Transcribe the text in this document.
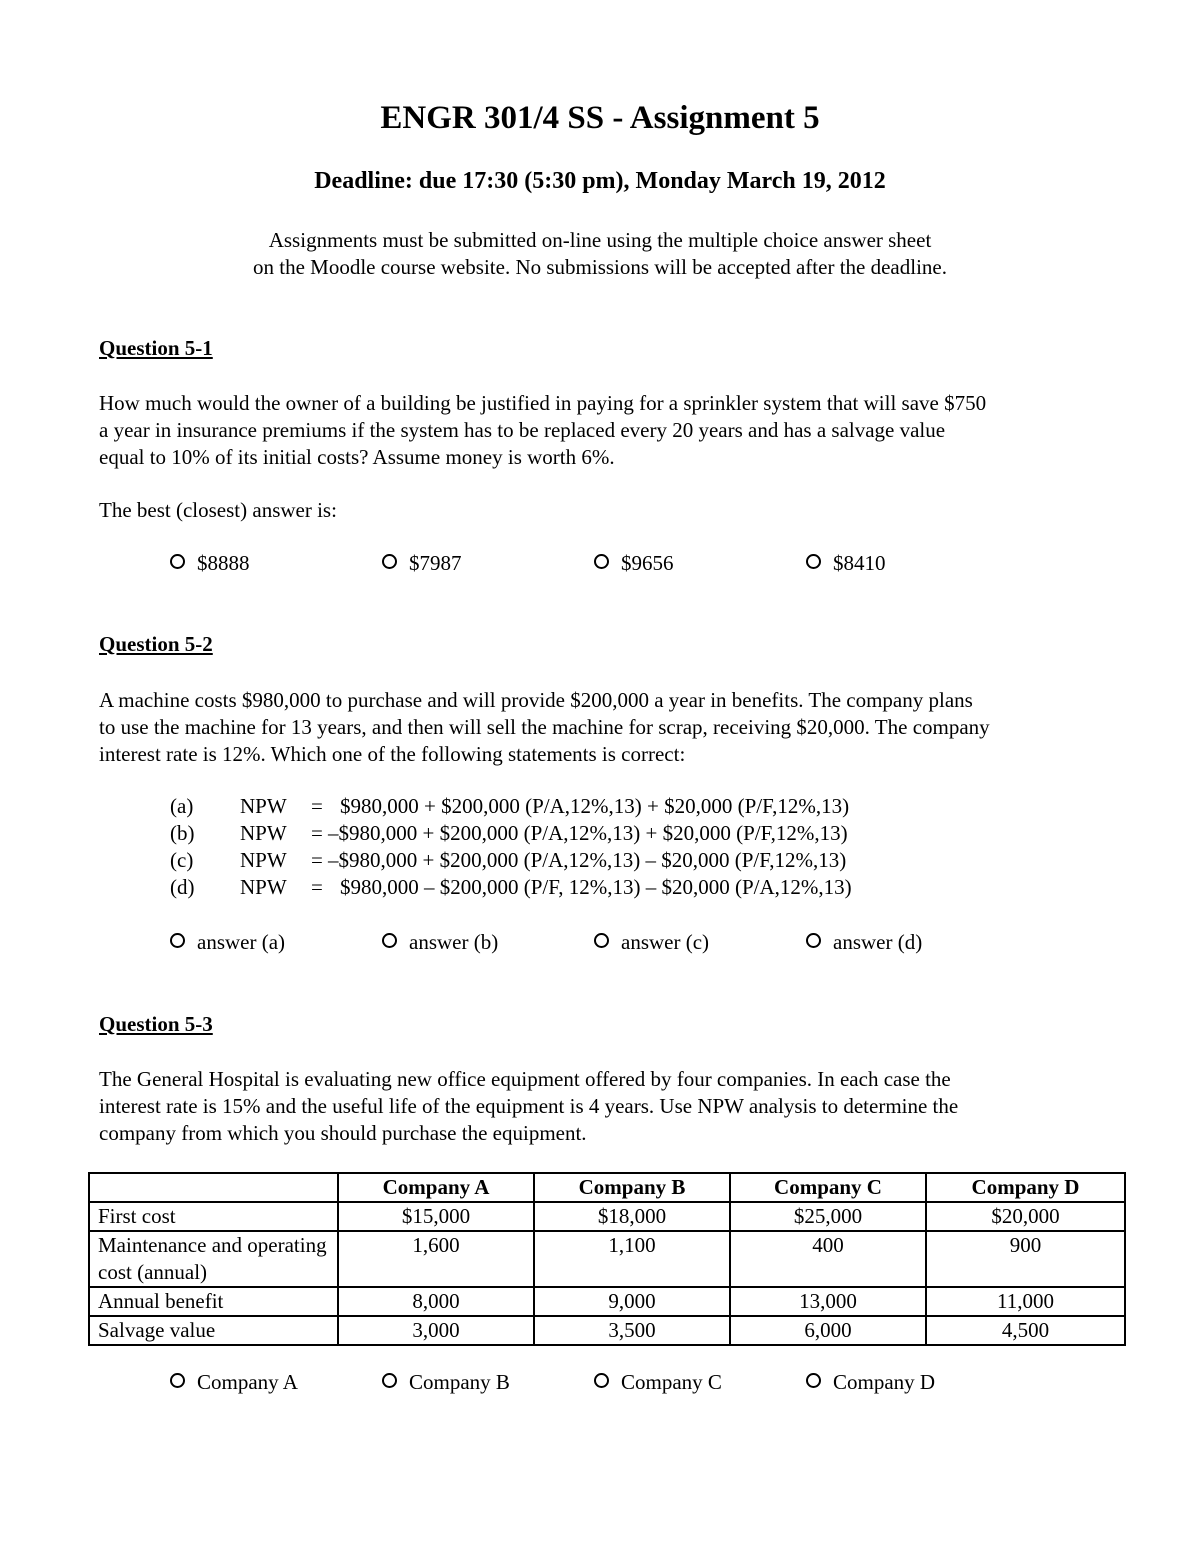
ENGR 301/4 SS - Assignment 5
Deadline: due 17:30 (5:30 pm), Monday March 19, 2012
Assignments must be submitted on-line using the multiple choice answer sheet
on the Moodle course website. No submissions will be accepted after the deadline.
Question 5-1
How much would the owner of a building be justified in paying for a sprinkler system that will save $750
a year in insurance premiums if the system has to be replaced every 20 years and has a salvage value
equal to 10% of its initial costs? Assume money is worth 6%.
The best (closest) answer is:
$8888	$7987	$9656	$8410
Question 5-2
A machine costs $980,000 to purchase and will provide $200,000 a year in benefits. The company plans
to use the machine for 13 years, and then will sell the machine for scrap, receiving $20,000. The company
interest rate is 12%. Which one of the following statements is correct:
(a) NPW = $980,000 + $200,000 (P/A,12%,13) + $20,000 (P/F,12%,13)
(b) NPW = –$980,000 + $200,000 (P/A,12%,13) + $20,000 (P/F,12%,13)
(c) NPW = –$980,000 + $200,000 (P/A,12%,13) – $20,000 (P/F,12%,13)
(d) NPW = $980,000 – $200,000 (P/F, 12%,13) – $20,000 (P/A,12%,13)
answer (a)	answer (b)	answer (c)	answer (d)
Question 5-3
The General Hospital is evaluating new office equipment offered by four companies. In each case the
interest rate is 15% and the useful life of the equipment is 4 years. Use NPW analysis to determine the
company from which you should purchase the equipment.
	Company A	Company B	Company C	Company D
First cost	$15,000	$18,000	$25,000	$20,000
Maintenance and operating cost (annual)	1,600	1,100	400	900
Annual benefit	8,000	9,000	13,000	11,000
Salvage value	3,000	3,500	6,000	4,500
Company A	Company B	Company C	Company D
